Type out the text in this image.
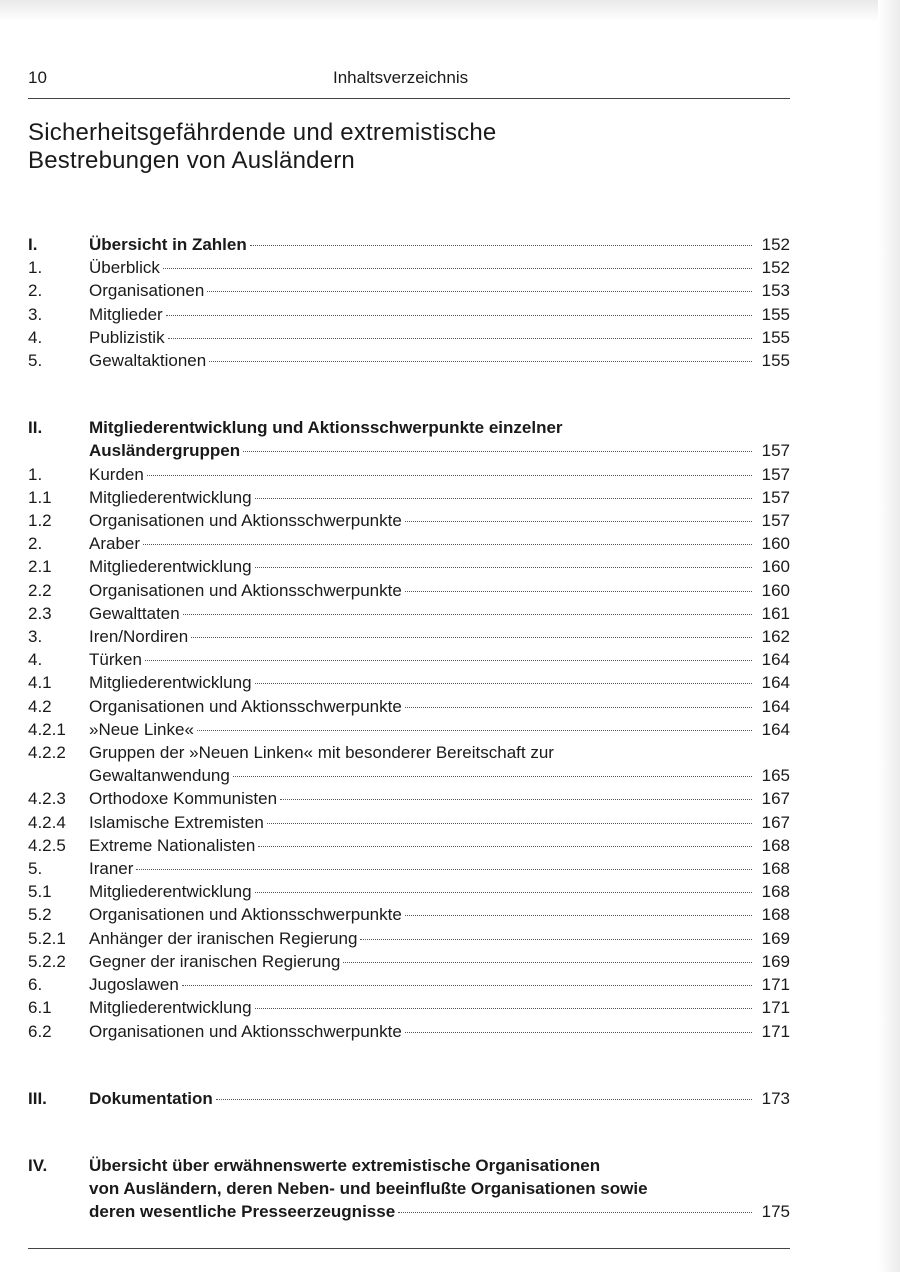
10	Inhaltsverzeichnis
Sicherheitsgefährdende und extremistische
Bestrebungen von Ausländern
I.	Übersicht in Zahlen	152
1.	Überblick	152
2.	Organisationen	153
3.	Mitglieder	155
4.	Publizistik	155
5.	Gewaltaktionen	155
II.	Mitgliederentwicklung und Aktionsschwerpunkte einzelner
Ausländergruppen	157
1.	Kurden	157
1.1	Mitgliederentwicklung	157
1.2	Organisationen und Aktionsschwerpunkte	157
2.	Araber	160
2.1	Mitgliederentwicklung	160
2.2	Organisationen und Aktionsschwerpunkte	160
2.3	Gewalttaten	161
3.	Iren/Nordiren	162
4.	Türken	164
4.1	Mitgliederentwicklung	164
4.2	Organisationen und Aktionsschwerpunkte	164
4.2.1	»Neue Linke«	164
4.2.2	Gruppen der »Neuen Linken« mit besonderer Bereitschaft zur
Gewaltanwendung	165
4.2.3	Orthodoxe Kommunisten	167
4.2.4	Islamische Extremisten	167
4.2.5	Extreme Nationalisten	168
5.	Iraner	168
5.1	Mitgliederentwicklung	168
5.2	Organisationen und Aktionsschwerpunkte	168
5.2.1	Anhänger der iranischen Regierung	169
5.2.2	Gegner der iranischen Regierung	169
6.	Jugoslawen	171
6.1	Mitgliederentwicklung	171
6.2	Organisationen und Aktionsschwerpunkte	171
III.	Dokumentation	173
IV.	Übersicht über erwähnenswerte extremistische Organisationen
von Ausländern, deren Neben- und beeinflußte Organisationen sowie
deren wesentliche Presseerzeugnisse	175
